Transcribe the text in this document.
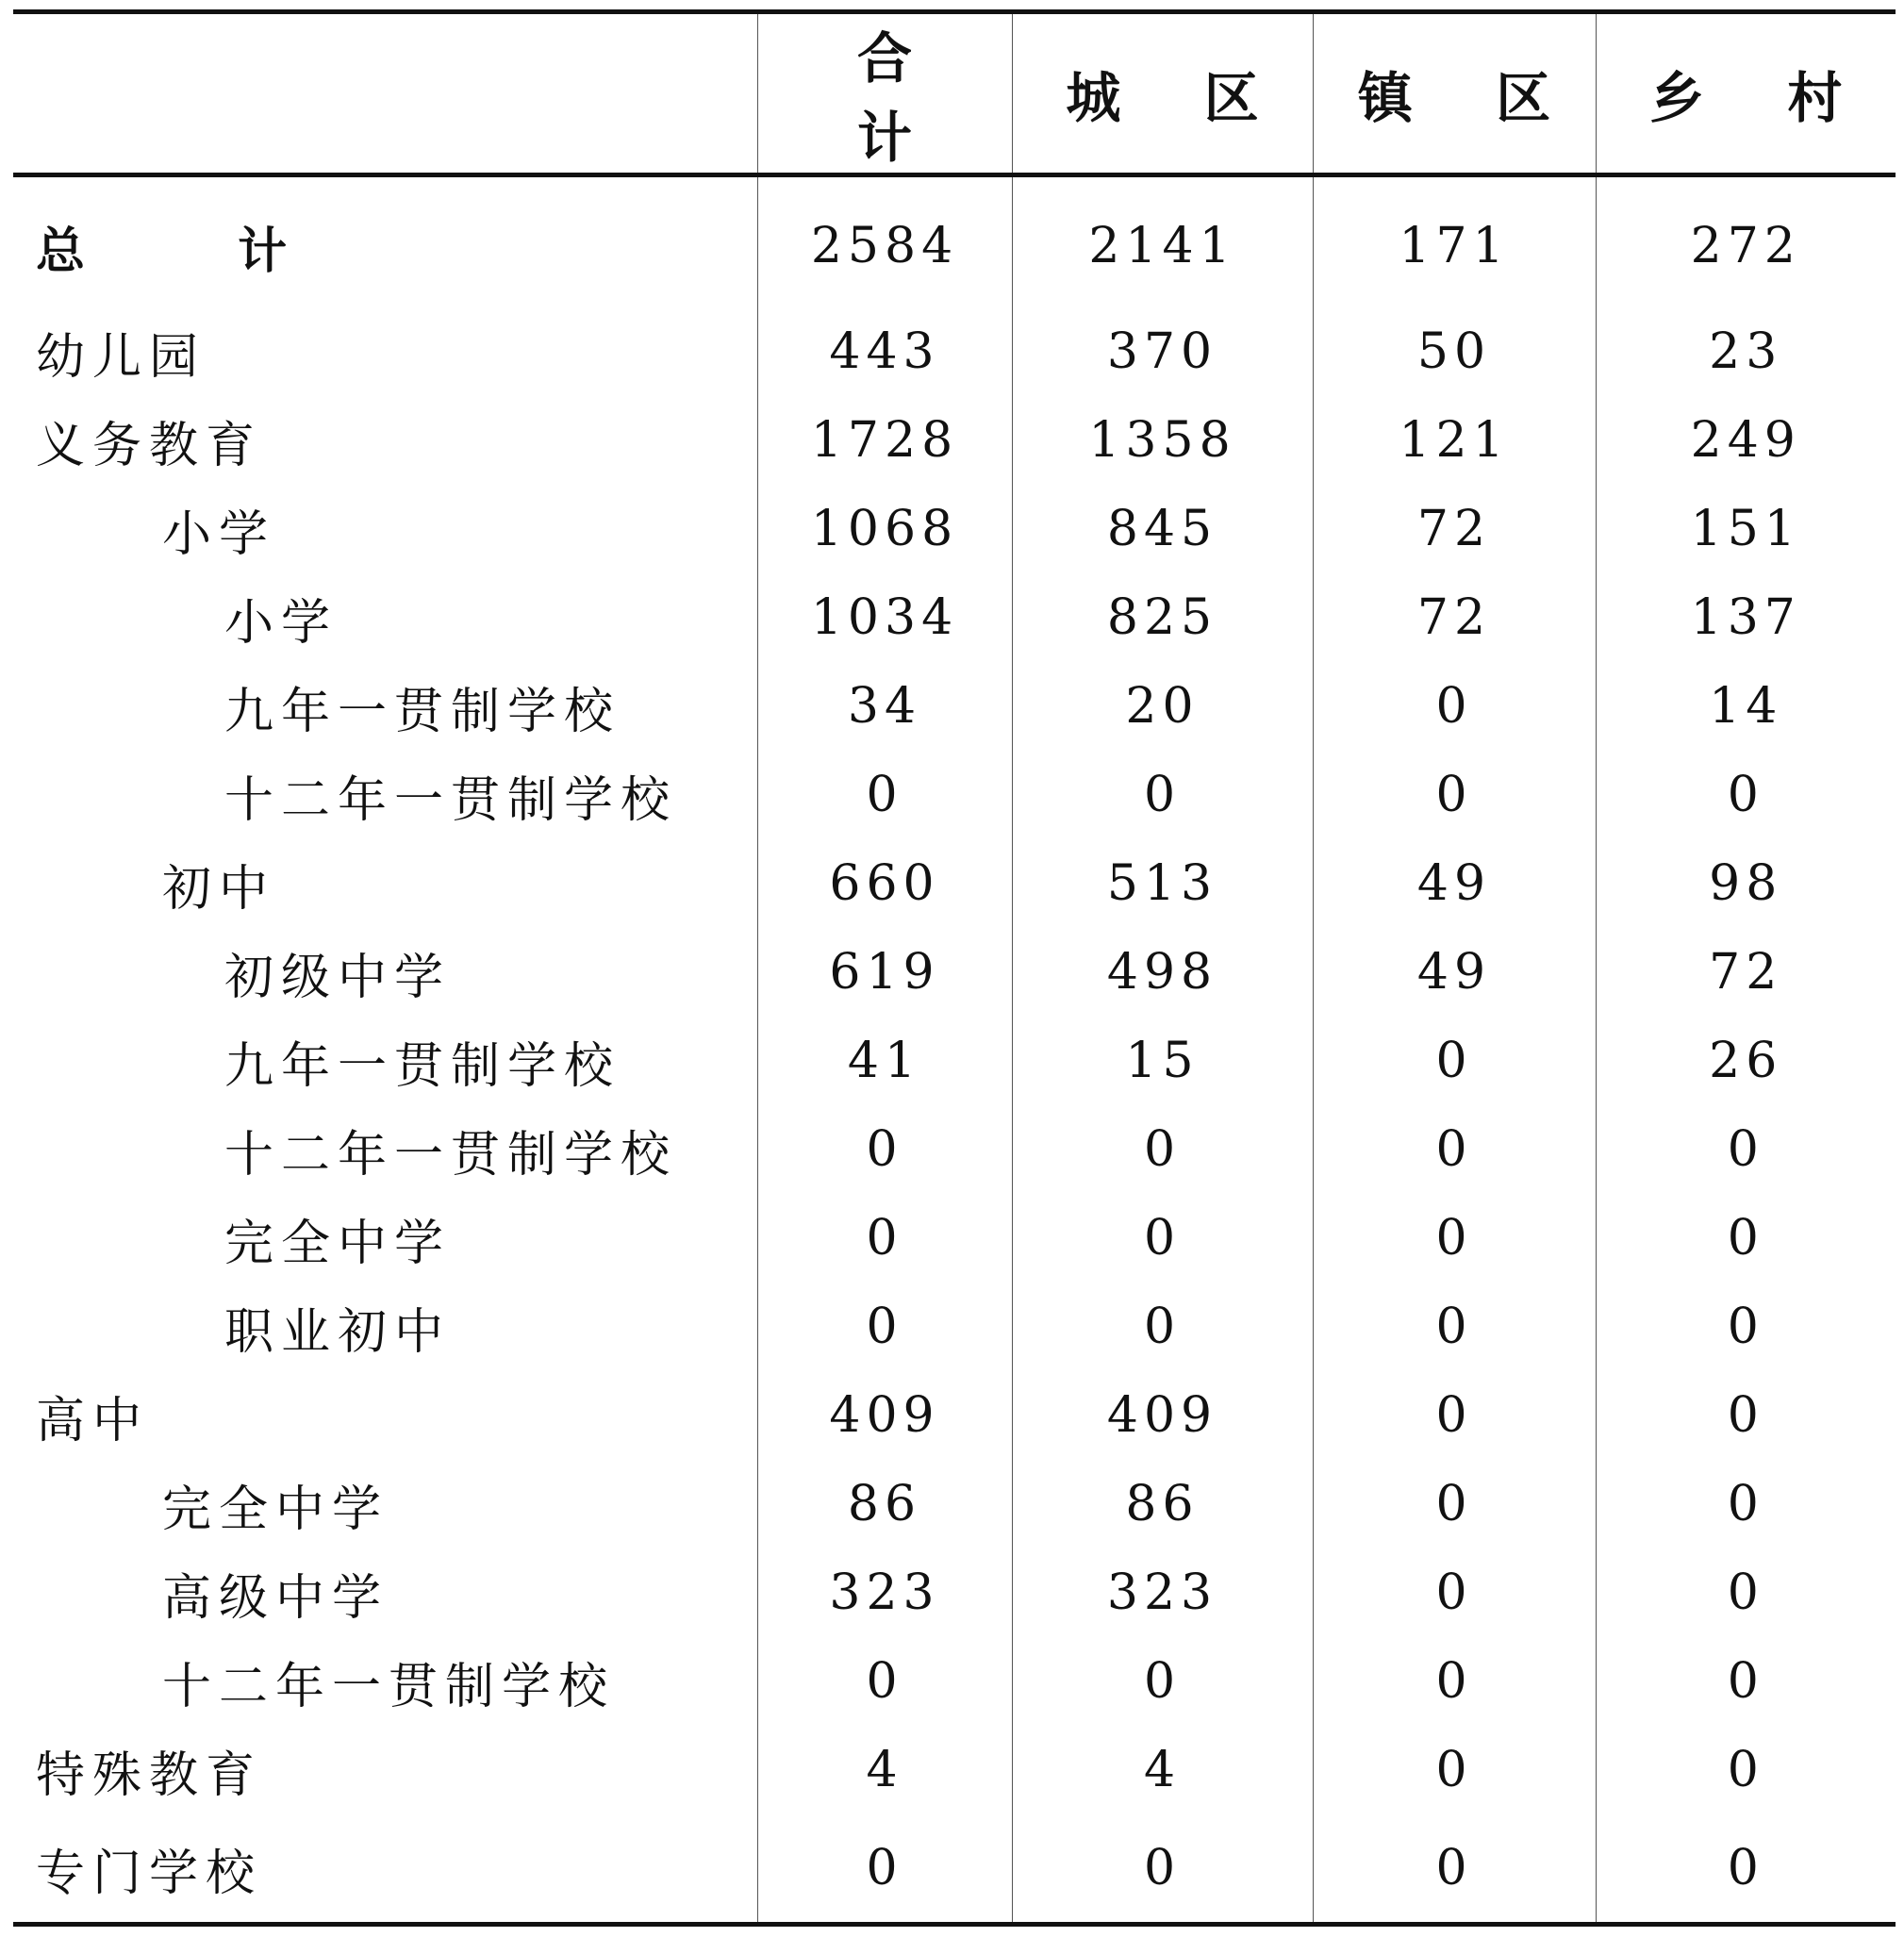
	合 计	城 区	镇 区	乡 村
总 计	2584	2141	171	272
幼儿园	443	370	50	23
义务教育	1728	1358	121	249
小学	1068	845	72	151
小学	1034	825	72	137
九年一贯制学校	34	20	0	14
十二年一贯制学校	0	0	0	0
初中	660	513	49	98
初级中学	619	498	49	72
九年一贯制学校	41	15	0	26
十二年一贯制学校	0	0	0	0
完全中学	0	0	0	0
职业初中	0	0	0	0
高中	409	409	0	0
完全中学	86	86	0	0
高级中学	323	323	0	0
十二年一贯制学校	0	0	0	0
特殊教育	4	4	0	0
专门学校	0	0	0	0
